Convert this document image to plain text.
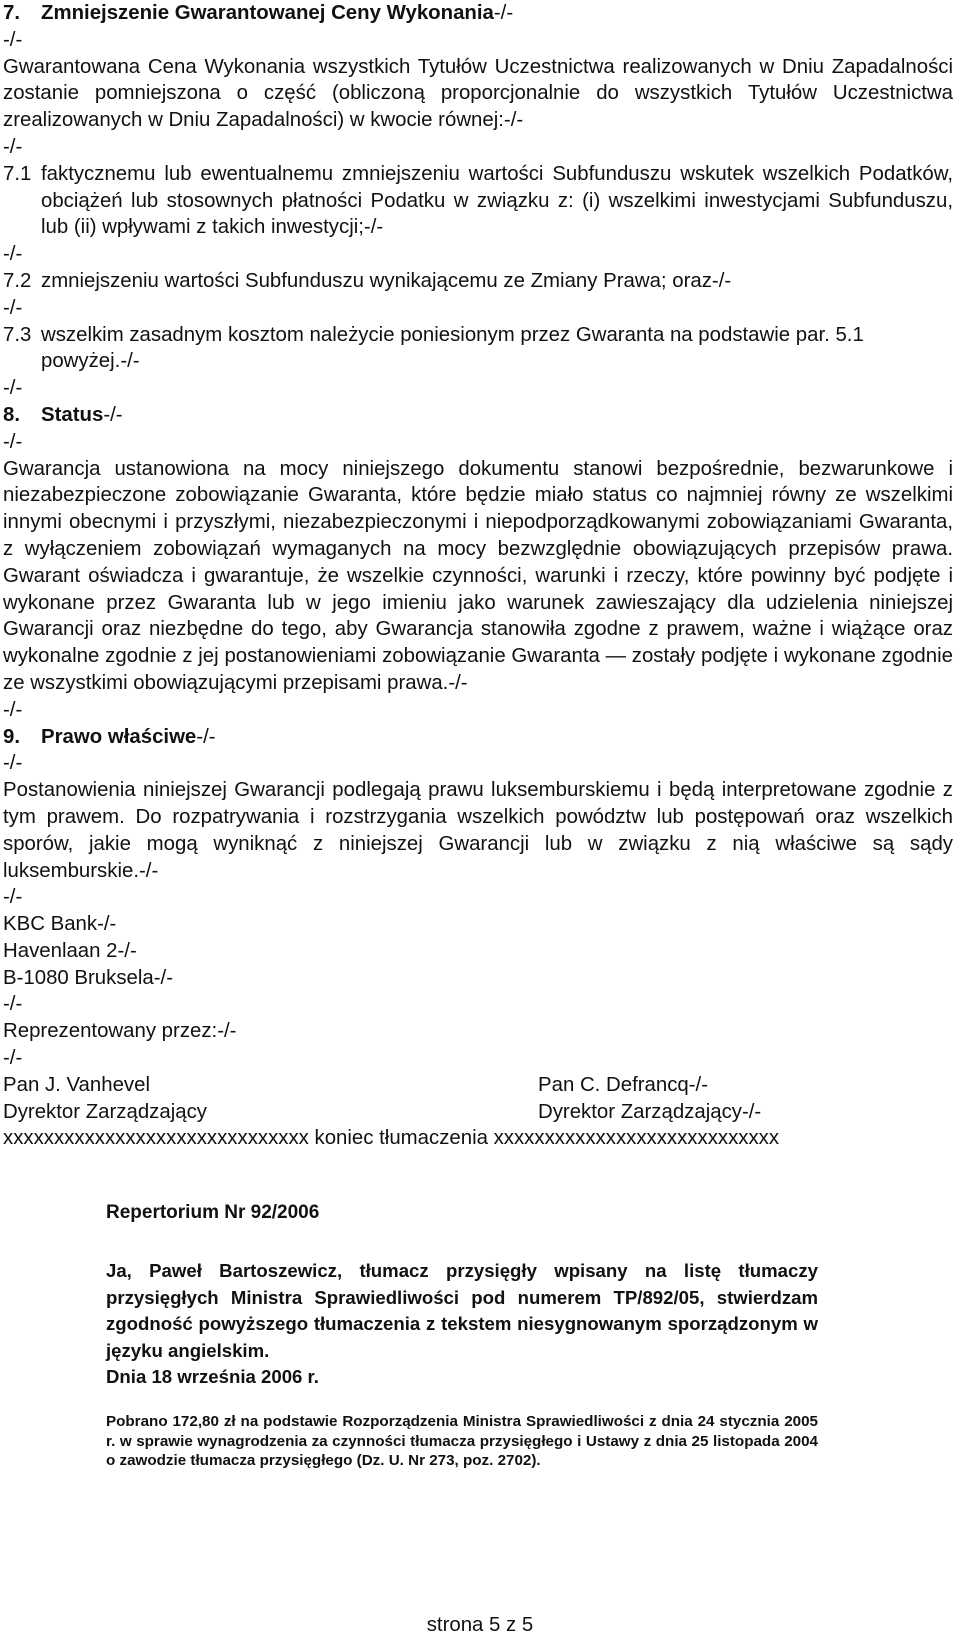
7. Zmniejszenie Gwarantowanej Ceny Wykonania-/-
-/-
Gwarantowana Cena Wykonania wszystkich Tytułów Uczestnictwa realizowanych w Dniu Zapadalności zostanie pomniejszona o część (obliczoną proporcjonalnie do wszystkich Tytułów Uczestnictwa zrealizowanych w Dniu Zapadalności) w kwocie równej:-/-
-/-
7.1 faktycznemu lub ewentualnemu zmniejszeniu wartości Subfunduszu wskutek wszelkich Podatków, obciążeń lub stosownych płatności Podatku w związku z: (i) wszelkimi inwestycjami Subfunduszu, lub (ii) wpływami z takich inwestycji;-/-
-/-
7.2 zmniejszeniu wartości Subfunduszu wynikającemu ze Zmiany Prawa; oraz-/-
-/-
7.3 wszelkim zasadnym kosztom należycie poniesionym przez Gwaranta na podstawie par. 5.1 powyżej.-/-
-/-
8. Status-/-
-/-
Gwarancja ustanowiona na mocy niniejszego dokumentu stanowi bezpośrednie, bezwarunkowe i niezabezpieczone zobowiązanie Gwaranta, które będzie miało status co najmniej równy ze wszelkimi innymi obecnymi i przyszłymi, niezabezpieczonymi i niepodporządkowanymi zobowiązaniami Gwaranta, z wyłączeniem zobowiązań wymaganych na mocy bezwzględnie obowiązujących przepisów prawa. Gwarant oświadcza i gwarantuje, że wszelkie czynności, warunki i rzeczy, które powinny być podjęte i wykonane przez Gwaranta lub w jego imieniu jako warunek zawieszający dla udzielenia niniejszej Gwarancji oraz niezbędne do tego, aby Gwarancja stanowiła zgodne z prawem, ważne i wiążące oraz wykonalne zgodnie z jej postanowieniami zobowiązanie Gwaranta — zostały podjęte i wykonane zgodnie ze wszystkimi obowiązującymi przepisami prawa.-/-
-/-
9. Prawo właściwe-/-
-/-
Postanowienia niniejszej Gwarancji podlegają prawu luksemburskiemu i będą interpretowane zgodnie z tym prawem. Do rozpatrywania i rozstrzygania wszelkich powództw lub postępowań oraz wszelkich sporów, jakie mogą wyniknąć z niniejszej Gwarancji lub w związku z nią właściwe są sądy luksemburskie.-/-
-/-
KBC Bank-/-
Havenlaan 2-/-
B-1080 Bruksela-/-
-/-
Reprezentowany przez:-/-
-/-
Pan J. Vanhevel	Pan C. Defrancq-/-
Dyrektor Zarządzający	Dyrektor Zarządzający-/-
xxxxxxxxxxxxxxxxxxxxxxxxxxxxxx koniec tłumaczenia xxxxxxxxxxxxxxxxxxxxxxxxxxxx
Repertorium Nr 92/2006
Ja, Paweł Bartoszewicz, tłumacz przysięgły wpisany na listę tłumaczy przysięgłych Ministra Sprawiedliwości pod numerem TP/892/05, stwierdzam zgodność powyższego tłumaczenia z tekstem niesygnowanym sporządzonym w języku angielskim.
Dnia 18 września 2006 r.
Pobrano 172,80 zł na podstawie Rozporządzenia Ministra Sprawiedliwości z dnia 24 stycznia 2005 r. w sprawie wynagrodzenia za czynności tłumacza przysięgłego i Ustawy z dnia 25 listopada 2004 o zawodzie tłumacza przysięgłego (Dz. U. Nr 273, poz. 2702).
strona 5 z 5
